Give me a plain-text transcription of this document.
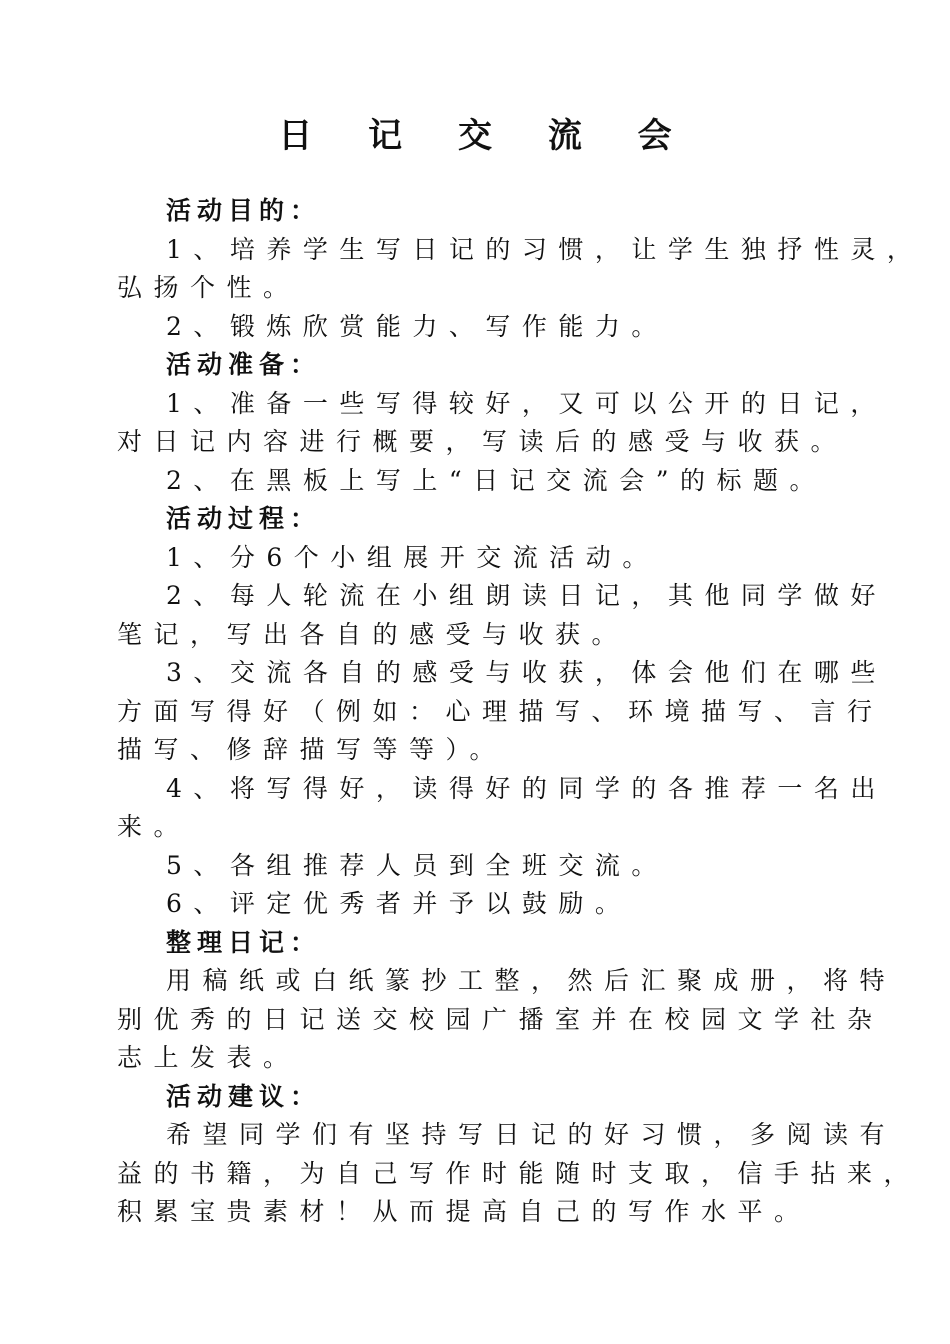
日 记 交 流 会
活动目的：
1、培养学生写日记的习惯，让学生独抒性灵，
弘扬个性。
2、锻炼欣赏能力、写作能力。
活动准备：
1、准备一些写得较好，又可以公开的日记，
对日记内容进行概要，写读后的感受与收获。
2、在黑板上写上“日记交流会”的标题。
活动过程：
1、分6个小组展开交流活动。
2、每人轮流在小组朗读日记，其他同学做好
笔记，写出各自的感受与收获。
3、交流各自的感受与收获，体会他们在哪些
方面写得好（例如：心理描写、环境描写、言行
描写、修辞描写等等）。
4、将写得好，读得好的同学的各推荐一名出
来。
5、各组推荐人员到全班交流。
6、评定优秀者并予以鼓励。
整理日记：
用稿纸或白纸篆抄工整，然后汇聚成册，将特
别优秀的日记送交校园广播室并在校园文学社杂
志上发表。
活动建议：
希望同学们有坚持写日记的好习惯，多阅读有
益的书籍，为自己写作时能随时支取，信手拈来，
积累宝贵素材！从而提高自己的写作水平。
